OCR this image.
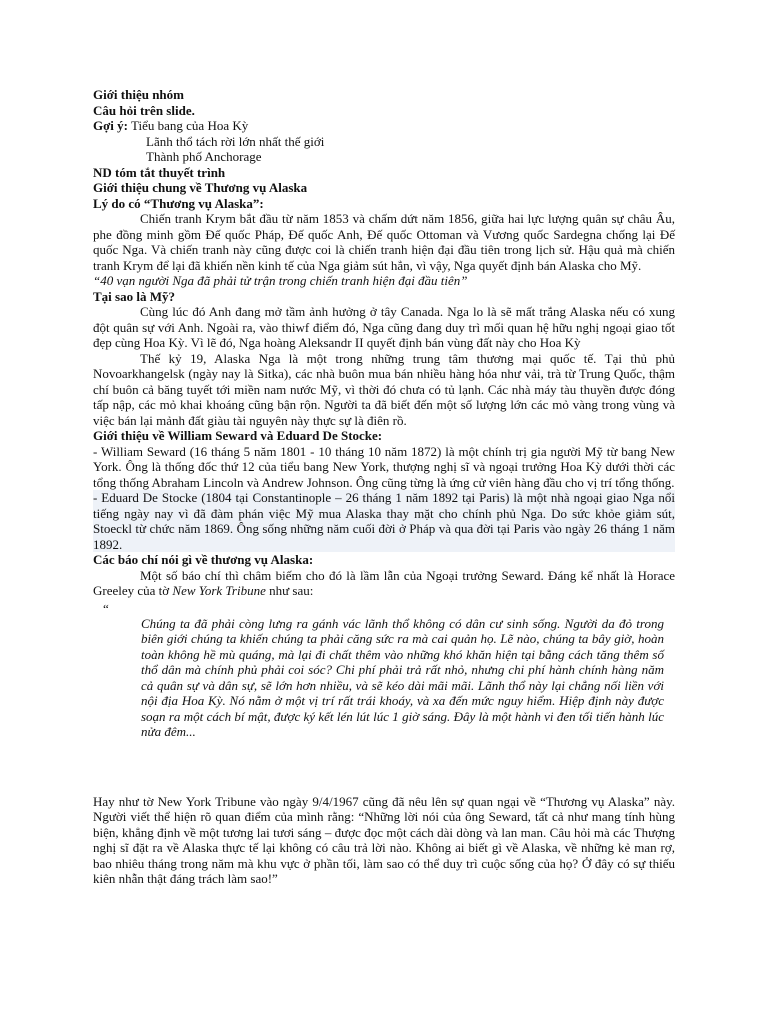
Giới thiệu nhóm

Câu hỏi trên slide.

Gợi ý: Tiểu bang của Hoa Kỳ

Lãnh thổ tách rời lớn nhất thế giới

Thành phố Anchorage

ND tóm tắt thuyết trình

Giới thiệu chung về Thương vụ Alaska

Lý do có “Thương vụ Alaska”:

Chiến tranh Krym bắt đầu từ năm 1853 và chấm dứt năm 1856, giữa hai lực lượng quân sự châu Âu, phe đồng minh gồm Đế quốc Pháp, Đế quốc Anh, Đế quốc Ottoman và Vương quốc Sardegna chống lại Đế quốc Nga. Và chiến tranh này cũng được coi là chiến tranh hiện đại đầu tiên trong lịch sử. Hậu quả mà chiến tranh Krym để lại đã khiến nền kinh tế của Nga giảm sút hẳn, vì vậy, Nga quyết định bán Alaska cho Mỹ.

“40 vạn người Nga đã phải tử trận trong chiến tranh hiện đại đầu tiên”

Tại sao là Mỹ?

Cùng lúc đó Anh đang mở tầm ảnh hưởng ở tây Canada. Nga lo là sẽ mất trắng Alaska nếu có xung đột quân sự với Anh. Ngoài ra, vào thiwf điểm đó, Nga cũng đang duy trì mối quan hệ hữu nghị ngoại giao tốt đẹp cùng Hoa Kỳ. Vì lẽ đó, Nga hoàng Aleksandr II quyết định bán vùng đất này cho Hoa Kỳ

Thế kỷ 19, Alaska Nga là một trong những trung tâm thương mại quốc tế. Tại thủ phủ Novoarkhangelsk (ngày nay là Sitka), các nhà buôn mua bán nhiều hàng hóa như vải, trà từ Trung Quốc, thậm chí buôn cả băng tuyết tới miền nam nước Mỹ, vì thời đó chưa có tủ lạnh. Các nhà máy tàu thuyền được đóng tấp nập, các mỏ khai khoáng cũng bận rộn. Người ta đã biết đến một số lượng lớn các mỏ vàng trong vùng và việc bán lại mảnh đất giàu tài nguyên này thực sự là điên rồ.

Giới thiệu về William Seward và Eduard De Stocke:

- William Seward (16 tháng 5 năm 1801 - 10 tháng 10 năm 1872) là một chính trị gia người Mỹ từ bang New York. Ông là thống đốc thứ 12 của tiểu bang New York, thượng nghị sĩ và ngoại trưởng Hoa Kỳ dưới thời các tổng thống Abraham Lincoln và Andrew Johnson. Ông cũng từng là ứng cử viên hàng đầu cho vị trí tổng thống.

- Eduard De Stocke (1804 tại Constantinople – 26 tháng 1 năm 1892 tại Paris) là một nhà ngoại giao Nga nổi tiếng ngày nay vì đã đàm phán việc Mỹ mua Alaska thay mặt cho chính phủ Nga. Do sức khỏe giảm sút, Stoeckl từ chức năm 1869. Ông sống những năm cuối đời ở Pháp và qua đời tại Paris vào ngày 26 tháng 1 năm 1892.

Các báo chí nói gì về thương vụ Alaska:

Một số báo chí thì châm biếm cho đó là lầm lẫn của Ngoại trưởng Seward. Đáng kể nhất là Horace Greeley của tờ New York Tribune như sau:

“

Chúng ta đã phải còng lưng ra gánh vác lãnh thổ không có dân cư sinh sống. Người da đỏ trong biên giới chúng ta khiến chúng ta phải căng sức ra mà cai quản họ. Lẽ nào, chúng ta bây giờ, hoàn toàn không hề mù quáng, mà lại đi chất thêm vào những khó khăn hiện tại bằng cách tăng thêm số thổ dân mà chính phủ phải coi sóc? Chi phí phải trả rất nhỏ, nhưng chi phí hành chính hàng năm cả quân sự và dân sự, sẽ lớn hơn nhiều, và sẽ kéo dài mãi mãi. Lãnh thổ này lại chẳng nối liền với nội địa Hoa Kỳ. Nó nằm ở một vị trí rất trái khoáy, và xa đến mức nguy hiểm. Hiệp định này được soạn ra một cách bí mật, được ký kết lén lút lúc 1 giờ sáng. Đây là một hành vi đen tối tiến hành lúc nửa đêm...

Hay như tờ New York Tribune vào ngày 9/4/1967 cũng đã nêu lên sự quan ngại về “Thương vụ Alaska” này. Người viết thể hiện rõ quan điểm của mình rằng: “Những lời nói của ông Seward, tất cả như mang tính hùng biện, khẳng định về một tương lai tươi sáng – được đọc một cách dài dòng và lan man. Câu hỏi mà các Thượng nghị sĩ đặt ra về Alaska thực tế lại không có câu trả lời nào. Không ai biết gì về Alaska, về những kẻ man rợ, bao nhiêu tháng trong năm mà khu vực ở phần tối, làm sao có thể duy trì cuộc sống của họ? Ở đây có sự thiếu kiên nhẫn thật đáng trách làm sao!”
